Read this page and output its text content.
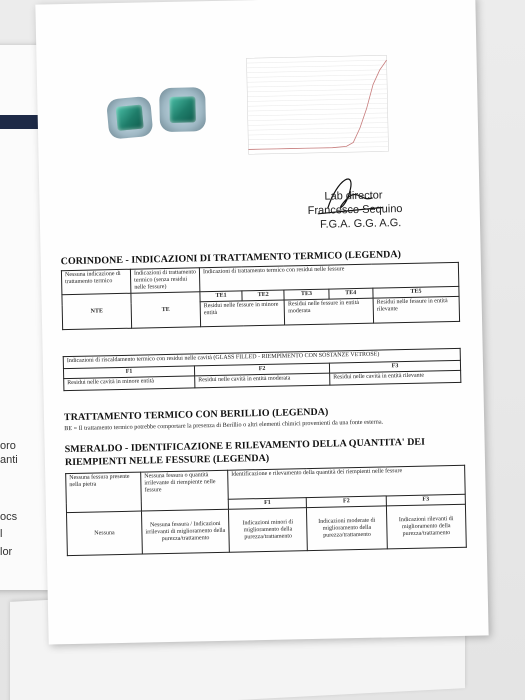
oro
anti
ocs
l
lor
Lab director
Francesco Sequino
F.G.A. G.G. A.G.
CORINDONE - INDICAZIONI DI TRATTAMENTO TERMICO (LEGENDA)
Nessuna indicazione di trattamento termico	Indicazioni di trattamento termico (senza residui nelle fessure)	Indicazioni di trattamento termico con residui nelle fessure				
NTE	TE	TE1	TE2	TE3	TE4	TE5
		Residui nelle fessure in minore entità		Residui nelle fessure in entità moderata		Residui nelle fessure in entità rilevante
Indicazioni di riscaldamento termico con residui nelle cavità (GLASS FILLED - RIEMPIMENTO CON SOSTANZE VETROSE)		
F1	F2	F3
Residui nelle cavità in minore entità	Residui nelle cavità in entità moderata	Residui nelle cavità in entità rilevante
TRATTAMENTO TERMICO CON BERILLIO (LEGENDA)
BE = Il trattamento termico potrebbe comportare la presenza di Berillio o altri elementi chimici provenienti da una fonte esterna.
SMERALDO - IDENTIFICAZIONE E RILEVAMENTO DELLA QUANTITA' DEI
RIEMPIENTI NELLE FESSURE (LEGENDA)
Nessuna fessura presente nella pietra	Nessuna fessura o quantità irrilevante di riempiente nelle fessure	Identificazione e rilevamento della quantità dei riempienti nelle fessure		
		F1	F2	F3
Nessuna	Nessuna fessura / Indicazioni irrilevanti di miglioramento della purezza/trattamento	Indicazioni minori di miglioramento della purezza/trattamento	Indicazioni moderate di miglioramento della purezza/trattamento	Indicazioni rilevanti di miglioramento della purezza/trattamento
